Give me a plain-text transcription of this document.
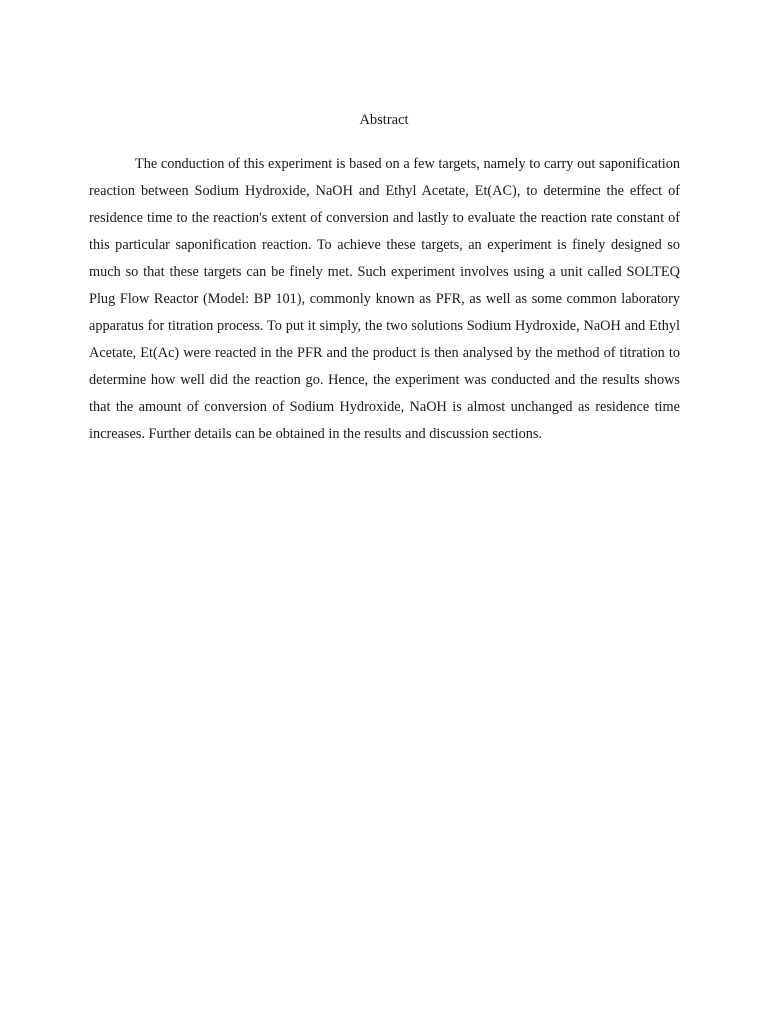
Abstract

The conduction of this experiment is based on a few targets, namely to carry out saponification reaction between Sodium Hydroxide, NaOH and Ethyl Acetate, Et(AC), to determine the effect of residence time to the reaction's extent of conversion and lastly to evaluate the reaction rate constant of this particular saponification reaction. To achieve these targets, an experiment is finely designed so much so that these targets can be finely met. Such experiment involves using a unit called SOLTEQ Plug Flow Reactor (Model: BP 101), commonly known as PFR, as well as some common laboratory apparatus for titration process. To put it simply, the two solutions Sodium Hydroxide, NaOH and Ethyl Acetate, Et(Ac) were reacted in the PFR and the product is then analysed by the method of titration to determine how well did the reaction go. Hence, the experiment was conducted and the results shows that the amount of conversion of Sodium Hydroxide, NaOH is almost unchanged as residence time increases. Further details can be obtained in the results and discussion sections.
